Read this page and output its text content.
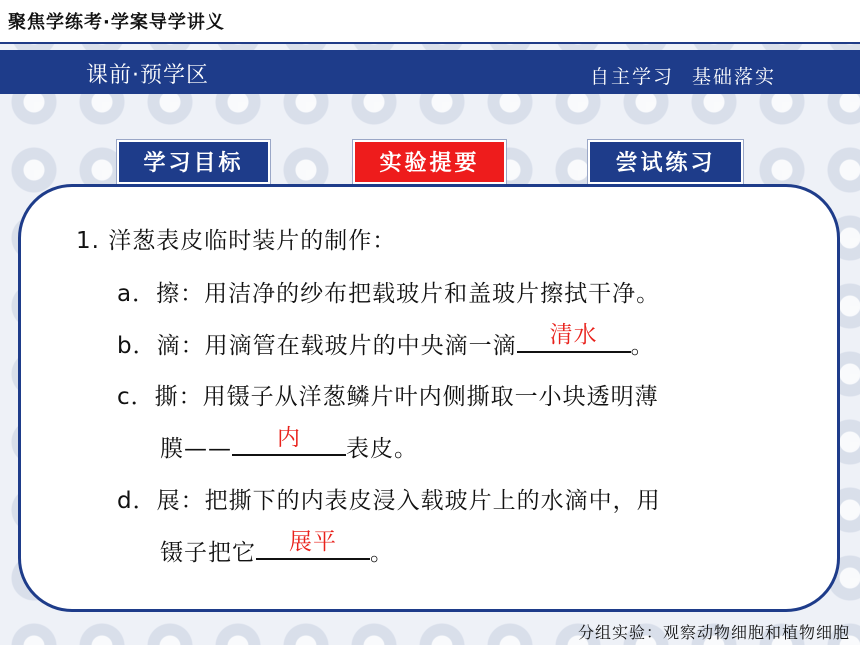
聚焦学练考·学案导学讲义
课前·预学区	自主学习 基础落实
学习目标	实验提要	尝试练习
1. 洋葱表皮临时装片的制作：
a．擦：用洁净的纱布把载玻片和盖玻片擦拭干净。
b．滴：用滴管在载玻片的中央滴一滴	清水	。
c．撕：用镊子从洋葱鳞片叶内侧撕取一小块透明薄
膜——	内	表皮。
d．展：把撕下的内表皮浸入载玻片上的水滴中，用
镊子把它	展平	。
分组实验：观察动物细胞和植物细胞
